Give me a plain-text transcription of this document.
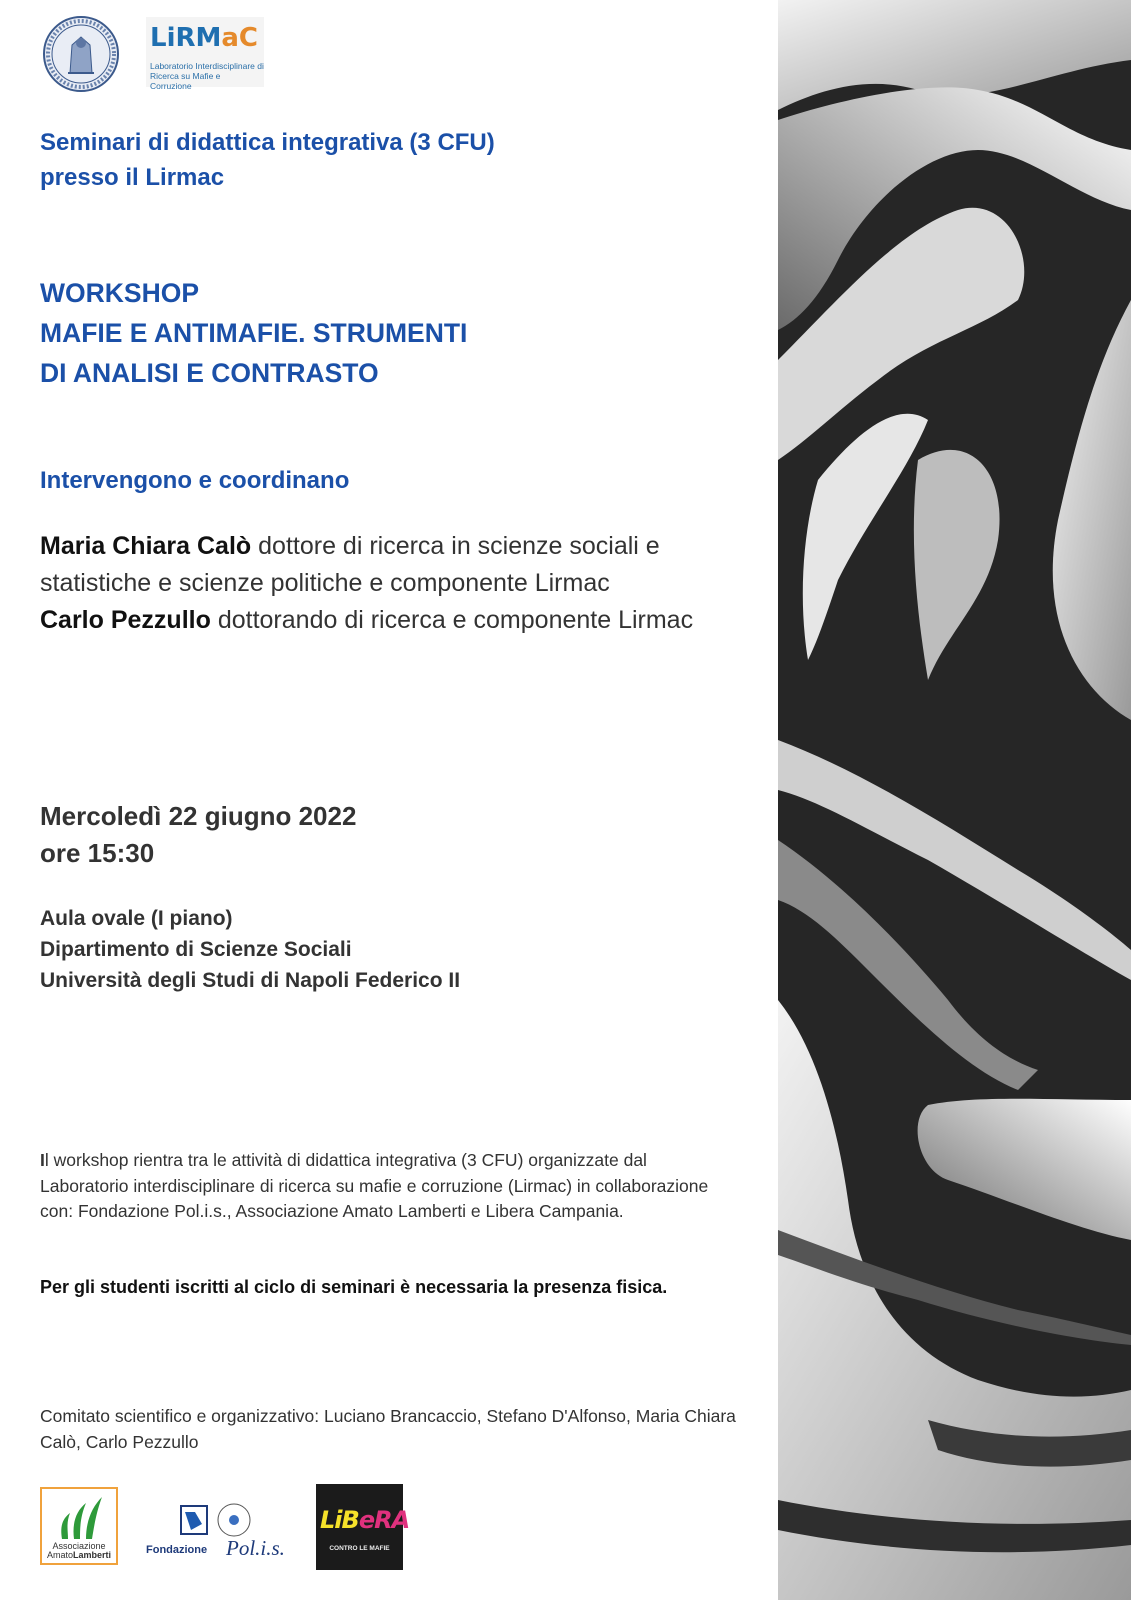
LiRMaC
Laboratorio Interdisciplinare di Ricerca su Mafie e Corruzione
Seminari di didattica integrativa (3 CFU)
presso il Lirmac
WORKSHOP
MAFIE E ANTIMAFIE. STRUMENTI
DI ANALISI E CONTRASTO
Intervengono e coordinano
Maria Chiara Calò dottore di ricerca in scienze sociali e
statistiche e scienze politiche e componente Lirmac
Carlo Pezzullo dottorando di ricerca e componente Lirmac
Mercoledì 22 giugno 2022
ore 15:30
Aula ovale (I piano)
Dipartimento di Scienze Sociali
Università degli Studi di Napoli Federico II
Il workshop rientra tra le attività di didattica integrativa (3 CFU) organizzate dal Laboratorio interdisciplinare di ricerca su mafie e corruzione (Lirmac) in collaborazione con: Fondazione Pol.i.s., Associazione Amato Lamberti e Libera Campania.
Per gli studenti iscritti al ciclo di seminari è necessaria la presenza fisica.
Comitato scientifico e organizzativo: Luciano Brancaccio, Stefano D'Alfonso, Maria Chiara Calò, Carlo Pezzullo
Associazione
AmatoLamberti	Fondazione Pol.i.s.
LiBeRA
CONTRO LE MAFIE
